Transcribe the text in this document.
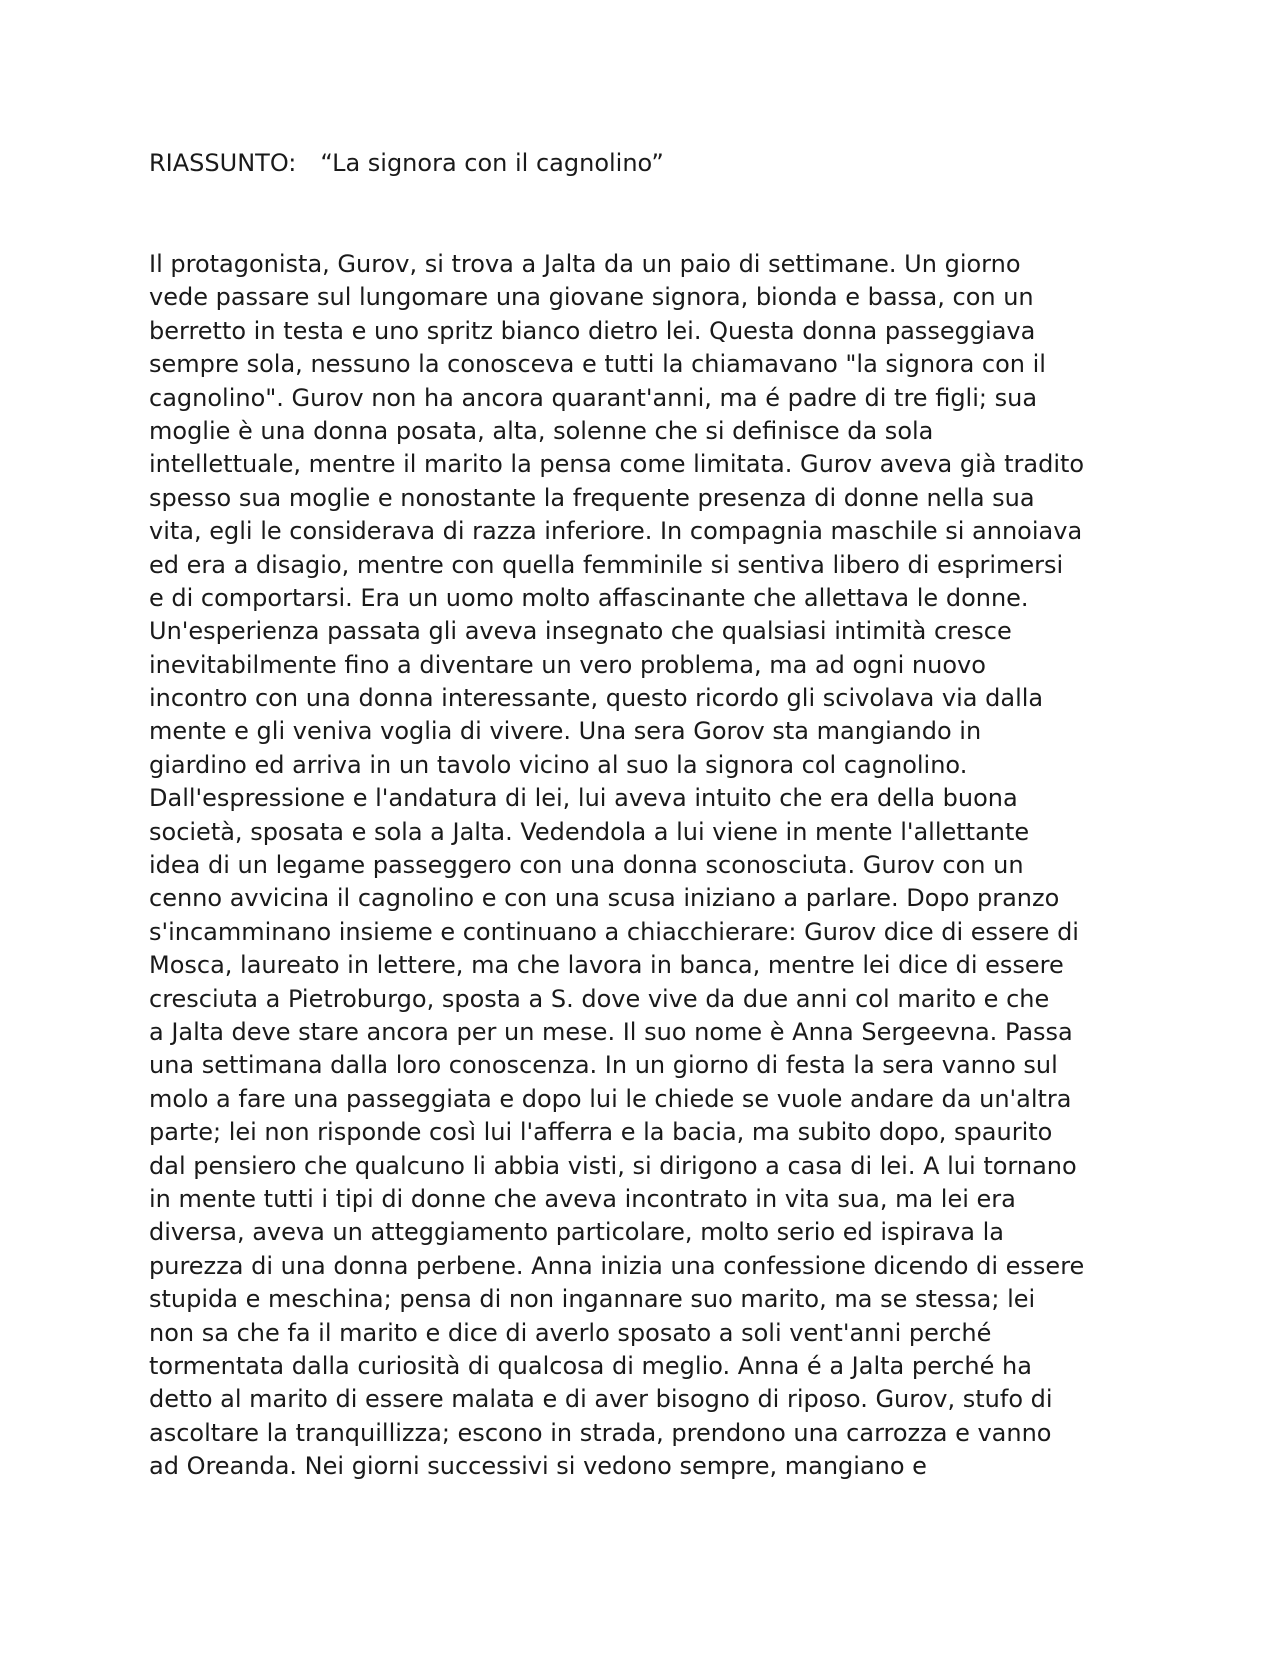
RIASSUNTO: “La signora con il cagnolino”
Il protagonista, Gurov, si trova a Jalta da un paio di settimane. Un giorno
vede passare sul lungomare una giovane signora, bionda e bassa, con un
berretto in testa e uno spritz bianco dietro lei. Questa donna passeggiava
sempre sola, nessuno la conosceva e tutti la chiamavano "la signora con il
cagnolino". Gurov non ha ancora quarant'anni, ma é padre di tre figli; sua
moglie è una donna posata, alta, solenne che si definisce da sola
intellettuale, mentre il marito la pensa come limitata. Gurov aveva già tradito
spesso sua moglie e nonostante la frequente presenza di donne nella sua
vita, egli le considerava di razza inferiore. In compagnia maschile si annoiava
ed era a disagio, mentre con quella femminile si sentiva libero di esprimersi
e di comportarsi. Era un uomo molto affascinante che allettava le donne.
Un'esperienza passata gli aveva insegnato che qualsiasi intimità cresce
inevitabilmente fino a diventare un vero problema, ma ad ogni nuovo
incontro con una donna interessante, questo ricordo gli scivolava via dalla
mente e gli veniva voglia di vivere. Una sera Gorov sta mangiando in
giardino ed arriva in un tavolo vicino al suo la signora col cagnolino.
Dall'espressione e l'andatura di lei, lui aveva intuito che era della buona
società, sposata e sola a Jalta. Vedendola a lui viene in mente l'allettante
idea di un legame passeggero con una donna sconosciuta. Gurov con un
cenno avvicina il cagnolino e con una scusa iniziano a parlare. Dopo pranzo
s'incamminano insieme e continuano a chiacchierare: Gurov dice di essere di
Mosca, laureato in lettere, ma che lavora in banca, mentre lei dice di essere
cresciuta a Pietroburgo, sposta a S. dove vive da due anni col marito e che
a Jalta deve stare ancora per un mese. Il suo nome è Anna Sergeevna. Passa
una settimana dalla loro conoscenza. In un giorno di festa la sera vanno sul
molo a fare una passeggiata e dopo lui le chiede se vuole andare da un'altra
parte; lei non risponde così lui l'afferra e la bacia, ma subito dopo, spaurito
dal pensiero che qualcuno li abbia visti, si dirigono a casa di lei. A lui tornano
in mente tutti i tipi di donne che aveva incontrato in vita sua, ma lei era
diversa, aveva un atteggiamento particolare, molto serio ed ispirava la
purezza di una donna perbene. Anna inizia una confessione dicendo di essere
stupida e meschina; pensa di non ingannare suo marito, ma se stessa; lei
non sa che fa il marito e dice di averlo sposato a soli vent'anni perché
tormentata dalla curiosità di qualcosa di meglio. Anna é a Jalta perché ha
detto al marito di essere malata e di aver bisogno di riposo. Gurov, stufo di
ascoltare la tranquillizza; escono in strada, prendono una carrozza e vanno
ad Oreanda. Nei giorni successivi si vedono sempre, mangiano e
